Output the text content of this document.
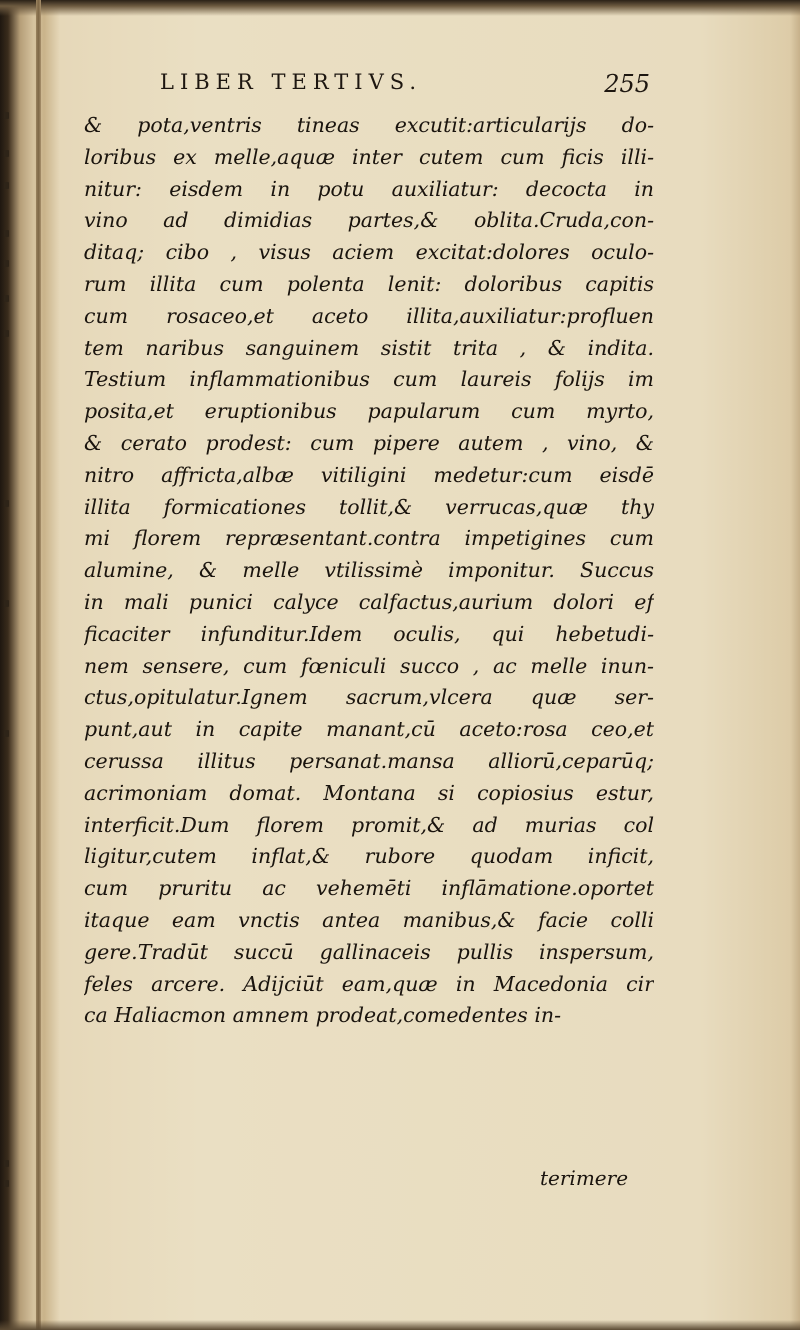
LIBER TERTIVS.	255
& pota,ventris tineas excutit:articularijs do-
loribus ex melle,aquæ inter cutem cum ficis illi-
nitur: eisdem in potu auxiliatur: decocta in
vino ad dimidias partes,& oblita.Cruda,con-
ditaq; cibo , visus aciem excitat:dolores oculo-
rum illita cum polenta lenit: doloribus capitis
cum rosaceo,et aceto illita,auxiliatur:profluen
tem naribus sanguinem sistit trita , & indita.
Testium inflammationibus cum laureis folijs im
posita,et eruptionibus papularum cum myrto,
& cerato prodest: cum pipere autem , vino, &
nitro affricta,albæ vitiligini medetur:cum eisdē
illita formicationes tollit,& verrucas,quæ thy
mi florem repræsentant.contra impetigines cum
alumine, & melle vtilissimè imponitur. Succus
in mali punici calyce calfactus,aurium dolori ef
ficaciter infunditur.Idem oculis, qui hebetudi-
nem sensere, cum fœniculi succo , ac melle inun-
ctus,opitulatur.Ignem sacrum,vlcera quæ ser-
punt,aut in capite manant,cū aceto:rosa ceo,et
cerussa illitus persanat.mansa alliorū,ceparūq;
acrimoniam domat. Montana si copiosius estur,
interficit.Dum florem promit,& ad murias col
ligitur,cutem inflat,& rubore quodam inficit,
cum pruritu ac vehemēti inflāmatione.oportet
itaque eam vnctis antea manibus,& facie colli
gere.Tradūt succū gallinaceis pullis inspersum,
feles arcere. Adijciūt eam,quæ in Macedonia cir
ca Haliacmon amnem prodeat,comedentes in-
terimere
